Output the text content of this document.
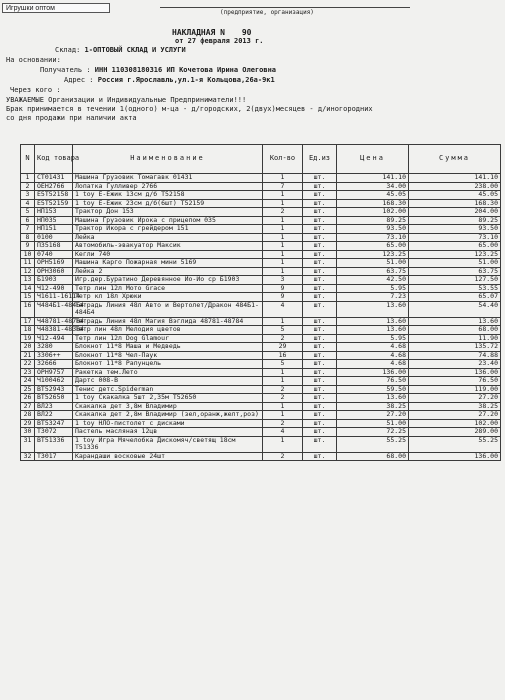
Игрушки оптом
(предприятие, организация)
НАКЛАДНАЯ N 90
от 27 февраля 2013 г.
Склад: 1-ОПТОВЫЙ СКЛАД И УСЛУГИ
На основании:
Получатель : ИНН 110308180316 ИП Кочетова Ирина Олеговна
Адрес : Россия г.Ярославль,ул.1-я Кольцова,26а-9к1
Через кого :
УВАЖАЕМЫЕ Организации и Индивидуальные Предприниматели!!!
Брак принимается в течении 1(одного) м-ца - д/городских, 2(двух)месяцев - д/иногородних
со дня продажи при наличии акта
N	Код товара	Наименование	Кол-во	Ед.из	Цена	Сумма
1	СТ01431	Машина Грузовик Томагавк 01431	1	шт.	141.10	141.10
2	ОЕН2766	Лопатка Гулливер 2766	7	шт.	34.00	238.00
3	Е5Т52158	1 toy Е-Ежик 13см д/б Т52158	1	шт.	45.05	45.05
4	Е5Т52159	1 toy Е-Ежик 23см д/б(6шт) Т52159	1	шт.	168.30	168.30
5	НП153	Трактор Дон 153	2	шт.	102.00	204.00
6	НП035	Машина Грузовик Ирока с прицепом 035	1	шт.	89.25	89.25
7	НП151	Трактор Икора с грейдером 151	1	шт.	93.50	93.50
8	0100	Лейка	1	шт.	73.10	73.10
9	ПЗ5168	Автомобиль-эвакуатор Максик	1	шт.	65.00	65.00
10	0740	Кегли 740	1	шт.	123.25	123.25
11	ОРН5169	Машина Карго Пожарная мини 5169	1	шт.	51.00	51.00
12	ОРН3060	Лейка 2	1	шт.	63.75	63.75
13	Б1903	Игр.дер.Буратино Деревянное Йо-Йо ср Б1903	3	шт.	42.50	127.50
14	Ч12-490	Тетр лин 12л Мото Grace	9	шт.	5.95	53.55
15	Ч1611-16114	Тетр кл 18л Хрюки	9	шт.	7.23	65.07
16	Ч484Б1-484Б4	Тетрадь Линия 48л Авто и Вертолет/Дракон 484Б1-484Б4	4	шт.	13.60	54.40
17	Ч48781-48784	Тетрадь Линия 48л Магия Вэглида 48781-48784	1	шт.	13.60	13.60
18	Ч48381-48384	Тетр лин 48л Мелодия цветов	5	шт.	13.60	68.00
19	Ч12-494	Тетр лин 12л Dog Glamour	2	шт.	5.95	11.90
20	3280	Блокнот 11*8 Маша и Медведь	29	шт.	4.68	135.72
21	3306++	Блокнот 11*8 Чел-Паук	16	шт.	4.68	74.88
22	32666	Блокнот 11*8 Рапунцель	5	шт.	4.68	23.40
23	ОРН9757	Ракетка тем.Лето	1	шт.	136.00	136.00
24	Ч100462	Дартс 008-В	1	шт.	76.50	76.50
25	ВТ52943	Тенис детс.Spiderman	2	шт.	59.50	119.00
26	ВТ52650	1 toy Скакалка 5шт 2,35м Т52650	2	шт.	13.60	27.20
27	ВЛ23	Скакалка дет 3,8м Владимир	1	шт.	38.25	38.25
28	ВЛ22	Скакалка дет 2,8м Владимир (зел,оранж,желт,роз)	1	шт.	27.20	27.20
29	ВТ53247	1 toy НЛО-пистолет с дисками	2	шт.	51.00	102.00
30	Т3072	Пастель масляная 12цв	4	шт.	72.25	289.00
31	ВТ51336	1 toy Игра Мячелобка Дискомяч/светящ 18см Т51336	1	шт.	55.25	55.25
32	Т3017	Карандаши восковые 24шт	2	шт.	68.00	136.00
